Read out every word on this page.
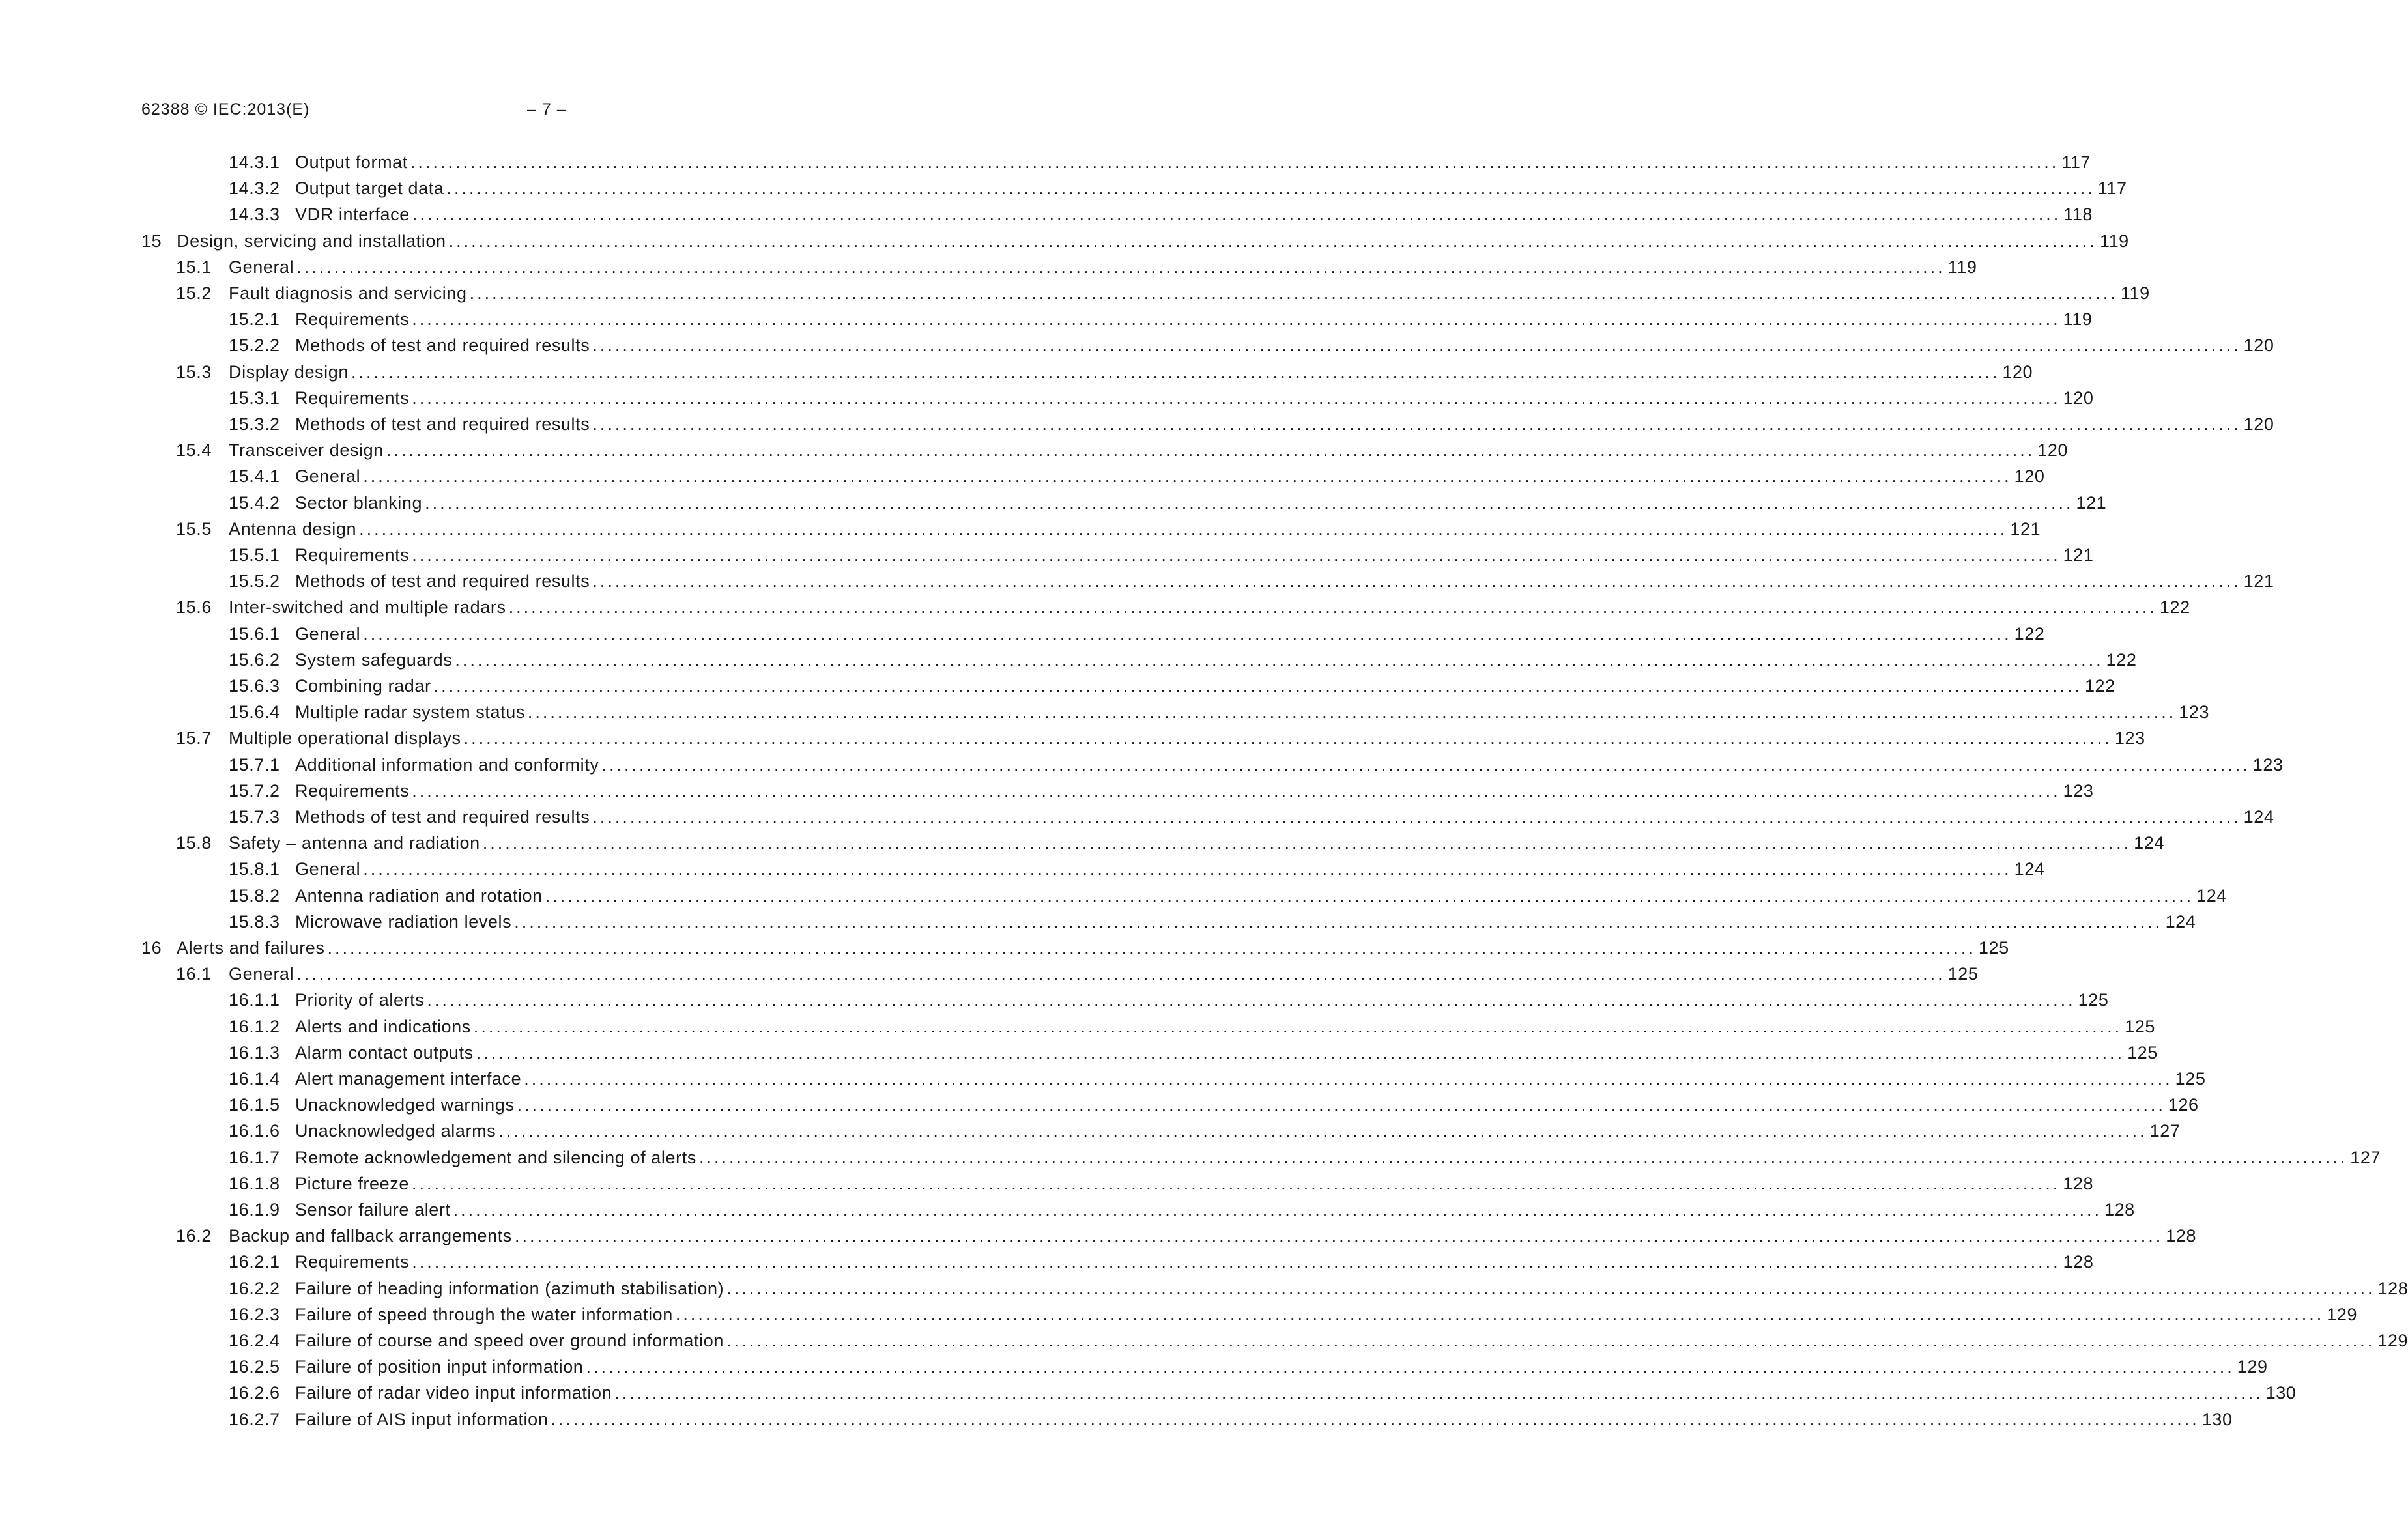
62388 © IEC:2013(E)	– 7 –
14.3.1 Output format ............................................................................................................................................................................................................................ 117
14.3.2 Output target data ............................................................................................................................................................................................................................ 117
14.3.3 VDR interface ............................................................................................................................................................................................................................ 118
15 Design, servicing and installation ............................................................................................................................................................................................................................ 119
15.1 General ............................................................................................................................................................................................................................ 119
15.2 Fault diagnosis and servicing ............................................................................................................................................................................................................................ 119
15.2.1 Requirements ............................................................................................................................................................................................................................ 119
15.2.2 Methods of test and required results ............................................................................................................................................................................................................................ 120
15.3 Display design ............................................................................................................................................................................................................................ 120
15.3.1 Requirements ............................................................................................................................................................................................................................ 120
15.3.2 Methods of test and required results ............................................................................................................................................................................................................................ 120
15.4 Transceiver design ............................................................................................................................................................................................................................ 120
15.4.1 General ............................................................................................................................................................................................................................ 120
15.4.2 Sector blanking ............................................................................................................................................................................................................................ 121
15.5 Antenna design ............................................................................................................................................................................................................................ 121
15.5.1 Requirements ............................................................................................................................................................................................................................ 121
15.5.2 Methods of test and required results ............................................................................................................................................................................................................................ 121
15.6 Inter-switched and multiple radars ............................................................................................................................................................................................................................ 122
15.6.1 General ............................................................................................................................................................................................................................ 122
15.6.2 System safeguards ............................................................................................................................................................................................................................ 122
15.6.3 Combining radar ............................................................................................................................................................................................................................ 122
15.6.4 Multiple radar system status ............................................................................................................................................................................................................................ 123
15.7 Multiple operational displays ............................................................................................................................................................................................................................ 123
15.7.1 Additional information and conformity ............................................................................................................................................................................................................................ 123
15.7.2 Requirements ............................................................................................................................................................................................................................ 123
15.7.3 Methods of test and required results ............................................................................................................................................................................................................................ 124
15.8 Safety – antenna and radiation ............................................................................................................................................................................................................................ 124
15.8.1 General ............................................................................................................................................................................................................................ 124
15.8.2 Antenna radiation and rotation ............................................................................................................................................................................................................................ 124
15.8.3 Microwave radiation levels ............................................................................................................................................................................................................................ 124
16 Alerts and failures ............................................................................................................................................................................................................................ 125
16.1 General ............................................................................................................................................................................................................................ 125
16.1.1 Priority of alerts ............................................................................................................................................................................................................................ 125
16.1.2 Alerts and indications ............................................................................................................................................................................................................................ 125
16.1.3 Alarm contact outputs ............................................................................................................................................................................................................................ 125
16.1.4 Alert management interface ............................................................................................................................................................................................................................ 125
16.1.5 Unacknowledged warnings ............................................................................................................................................................................................................................ 126
16.1.6 Unacknowledged alarms ............................................................................................................................................................................................................................ 127
16.1.7 Remote acknowledgement and silencing of alerts ............................................................................................................................................................................................................................ 127
16.1.8 Picture freeze ............................................................................................................................................................................................................................ 128
16.1.9 Sensor failure alert ............................................................................................................................................................................................................................ 128
16.2 Backup and fallback arrangements ............................................................................................................................................................................................................................ 128
16.2.1 Requirements ............................................................................................................................................................................................................................ 128
16.2.2 Failure of heading information (azimuth stabilisation) ............................................................................................................................................................................................................................ 128
16.2.3 Failure of speed through the water information ............................................................................................................................................................................................................................ 129
16.2.4 Failure of course and speed over ground information ............................................................................................................................................................................................................................ 129
16.2.5 Failure of position input information ............................................................................................................................................................................................................................ 129
16.2.6 Failure of radar video input information ............................................................................................................................................................................................................................ 130
16.2.7 Failure of AIS input information ............................................................................................................................................................................................................................ 130
